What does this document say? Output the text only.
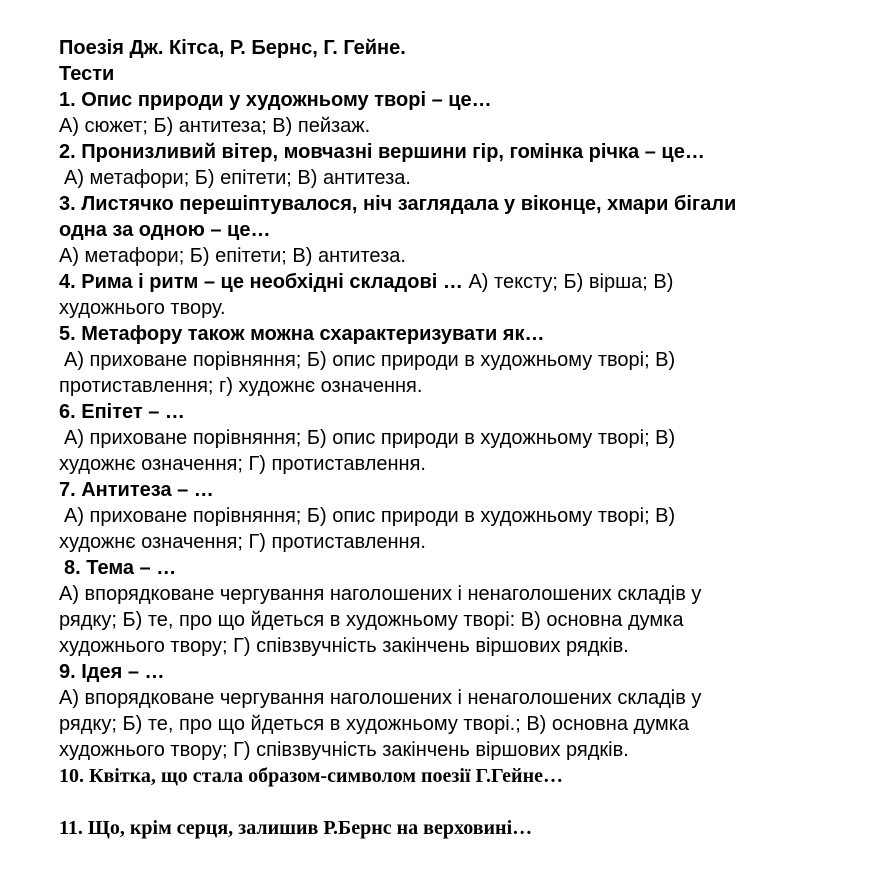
Поезія Дж. Кітса, Р. Бернс, Г. Гейне.
Тести
1. Опис природи у художньому творі – це…
А) сюжет; Б) антитеза; В) пейзаж.
2. Пронизливий вітер, мовчазні вершини гір, гомінка річка – це…
А) метафори; Б) епітети; В) антитеза.
3. Листячко перешіптувалося, ніч заглядала у віконце, хмари бігали
одна за одною – це…
А) метафори; Б) епітети; В) антитеза.
4. Рима і ритм – це необхідні складові … А) тексту; Б) вірша; В)
художнього твору.
5. Метафору також можна схарактеризувати як…
А) приховане порівняння; Б) опис природи в художньому творі; В)
протиставлення; г) художнє означення.
6. Епітет – …
А) приховане порівняння; Б) опис природи в художньому творі; В)
художнє означення; Г) протиставлення.
7. Антитеза – …
А) приховане порівняння; Б) опис природи в художньому творі; В)
художнє означення; Г) протиставлення.
8. Тема – …
А) впорядковане чергування наголошених і ненаголошених складів у
рядку; Б) те, про що йдеться в художньому творі: В) основна думка
художнього твору; Г) співзвучність закінчень віршових рядків.
9. Ідея – …
А) впорядковане чергування наголошених і ненаголошених складів у
рядку; Б) те, про що йдеться в художньому творі.; В) основна думка
художнього твору; Г) співзвучність закінчень віршових рядків.
10. Квітка, що стала образом-символом поезії Г.Гейне…
11. Що, крім серця, залишив Р.Бернс на верховині…
